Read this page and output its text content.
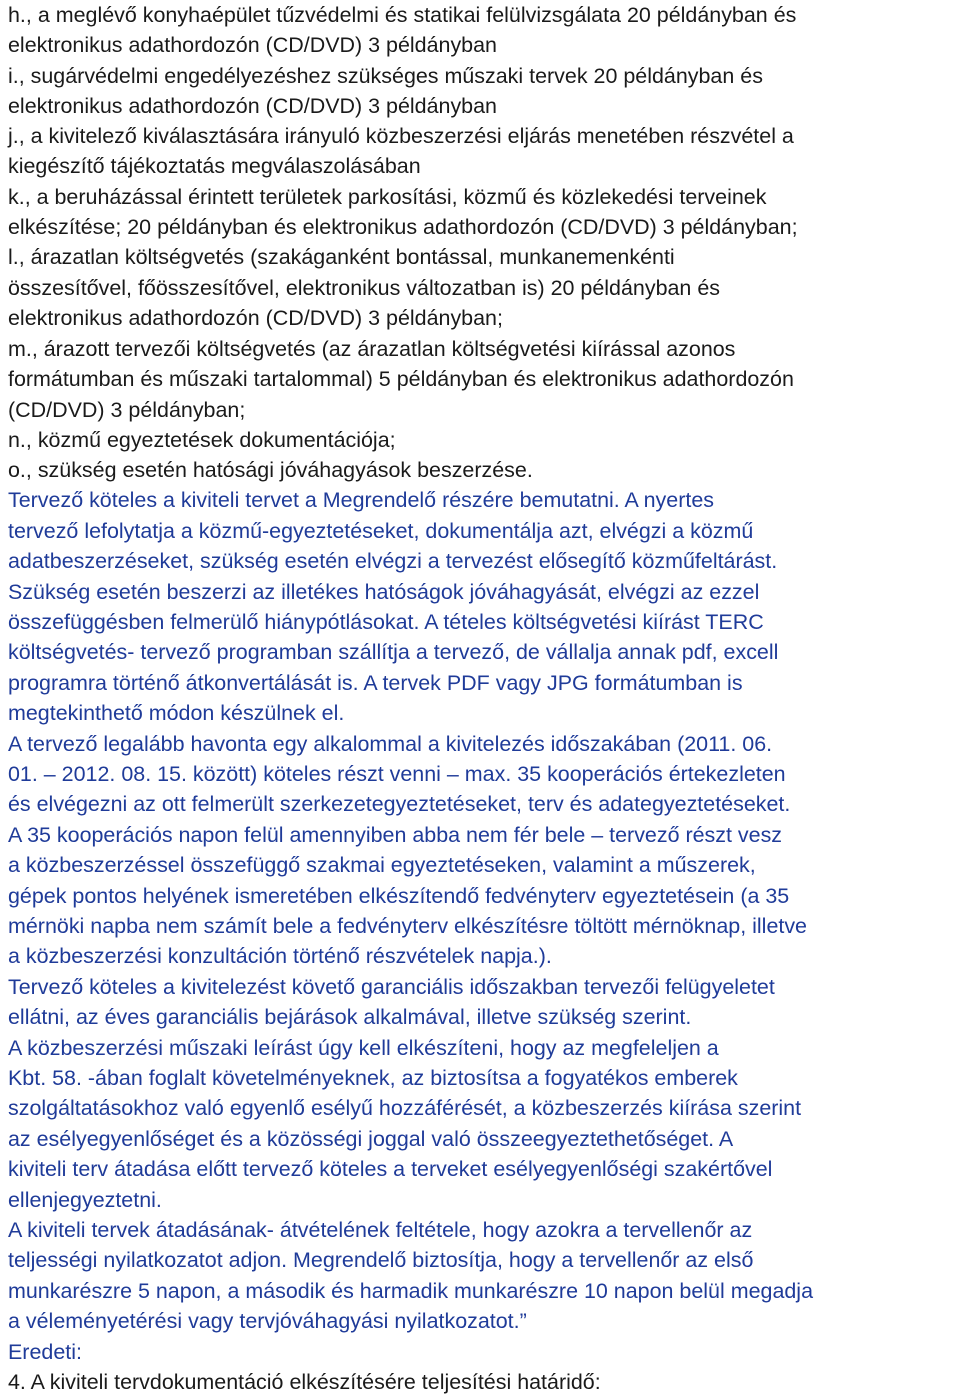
h., a meglévő konyhaépület tűzvédelmi és statikai felülvizsgálata 20 példányban és
elektronikus adathordozón (CD/DVD) 3 példányban
i., sugárvédelmi engedélyezéshez szükséges műszaki tervek 20 példányban és
elektronikus adathordozón (CD/DVD) 3 példányban
j., a kivitelező kiválasztására irányuló közbeszerzési eljárás menetében részvétel a
kiegészítő tájékoztatás megválaszolásában
k., a beruházással érintett területek parkosítási, közmű és közlekedési terveinek
elkészítése; 20 példányban és elektronikus adathordozón (CD/DVD) 3 példányban;
l., árazatlan költségvetés (szakáganként bontással, munkanemenkénti
összesítővel, főösszesítővel, elektronikus változatban is) 20 példányban és
elektronikus adathordozón (CD/DVD) 3 példányban;
m., árazott tervezői költségvetés (az árazatlan költségvetési kiírással azonos
formátumban és műszaki tartalommal) 5 példányban és elektronikus adathordozón
(CD/DVD) 3 példányban;
n., közmű egyeztetések dokumentációja;
o., szükség esetén hatósági jóváhagyások beszerzése.
Tervező köteles a kiviteli tervet a Megrendelő részére bemutatni. A nyertes
tervező lefolytatja a közmű-egyeztetéseket, dokumentálja azt, elvégzi a közmű
adatbeszerzéseket, szükség esetén elvégzi a tervezést elősegítő közműfeltárást.
Szükség esetén beszerzi az illetékes hatóságok jóváhagyását, elvégzi az ezzel
összefüggésben felmerülő hiánypótlásokat. A tételes költségvetési kiírást TERC
költségvetés- tervező programban szállítja a tervező, de vállalja annak pdf, excell
programra történő átkonvertálását is. A tervek PDF vagy JPG formátumban is
megtekinthető módon készülnek el.
A tervező legalább havonta egy alkalommal a kivitelezés időszakában (2011. 06.
01. – 2012. 08. 15. között) köteles részt venni – max. 35 kooperációs értekezleten
és elvégezni az ott felmerült szerkezetegyeztetéseket, terv és adategyeztetéseket.
A 35 kooperációs napon felül amennyiben abba nem fér bele – tervező részt vesz
a közbeszerzéssel összefüggő szakmai egyeztetéseken, valamint a műszerek,
gépek pontos helyének ismeretében elkészítendő fedvényterv egyeztetésein (a 35
mérnöki napba nem számít bele a fedvényterv elkészítésre töltött mérnöknap, illetve
a közbeszerzési konzultáción történő részvételek napja.).
Tervező köteles a kivitelezést követő garanciális időszakban tervezői felügyeletet
ellátni, az éves garanciális bejárások alkalmával, illetve szükség szerint.
A közbeszerzési műszaki leírást úgy kell elkészíteni, hogy az megfeleljen a
Kbt. 58. -ában foglalt követelményeknek, az biztosítsa a fogyatékos emberek
szolgáltatásokhoz való egyenlő esélyű hozzáférését, a közbeszerzés kiírása szerint
az esélyegyenlőséget és a közösségi joggal való összeegyeztethetőséget. A
kiviteli terv átadása előtt tervező köteles a terveket esélyegyenlőségi szakértővel
ellenjegyeztetni.
A kiviteli tervek átadásának- átvételének feltétele, hogy azokra a tervellenőr az
teljességi nyilatkozatot adjon. Megrendelő biztosítja, hogy a tervellenőr az első
munkarészre 5 napon, a második és harmadik munkarészre 10 napon belül megadja
a véleményetérési vagy tervjóváhagyási nyilatkozatot.”
Eredeti:
4. A kiviteli tervdokumentáció elkészítésére teljesítési határidő:
